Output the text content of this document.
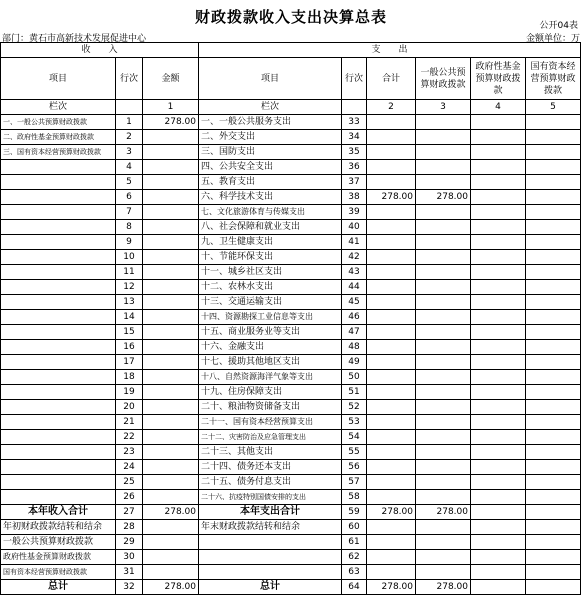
财政拨款收入支出决算总表	公开04表
部门：黄石市高新技术发展促进中心	金额单位：万
收　　入			支　　出					
项目	行次	金额	项目	行次	合计	一般公共预算财政拨款	政府性基金预算财政拨款	国有资本经营预算财政拨款
栏次		1	栏次		2	3	4	5
一、一般公共预算财政拨款	1	278.00	一、一般公共服务支出	33				
二、政府性基金预算财政拨款	2		二、外交支出	34				
三、国有资本经营预算财政拨款	3		三、国防支出	35				
	4		四、公共安全支出	36				
	5		五、教育支出	37				
	6		六、科学技术支出	38	278.00	278.00		
	7		七、文化旅游体育与传媒支出	39				
	8		八、社会保障和就业支出	40				
	9		九、卫生健康支出	41				
	10		十、节能环保支出	42				
	11		十一、城乡社区支出	43				
	12		十二、农林水支出	44				
	13		十三、交通运输支出	45				
	14		十四、资源勘探工业信息等支出	46				
	15		十五、商业服务业等支出	47				
	16		十六、金融支出	48				
	17		十七、援助其他地区支出	49				
	18		十八、自然资源海洋气象等支出	50				
	19		十九、住房保障支出	51				
	20		二十、粮油物资储备支出	52				
	21		二十一、国有资本经营预算支出	53				
	22		二十二、灾害防治及应急管理支出	54				
	23		二十三、其他支出	55				
	24		二十四、债务还本支出	56				
	25		二十五、债务付息支出	57				
	26		二十六、抗疫特别国债安排的支出	58				
本年收入合计	27	278.00	本年支出合计	59	278.00	278.00		
年初财政拨款结转和结余	28		年末财政拨款结转和结余	60				
一般公共预算财政拨款	29			61				
政府性基金预算财政拨款	30			62				
国有资本经营预算财政拨款	31			63				
总计	32	278.00	总计	64	278.00	278.00		
